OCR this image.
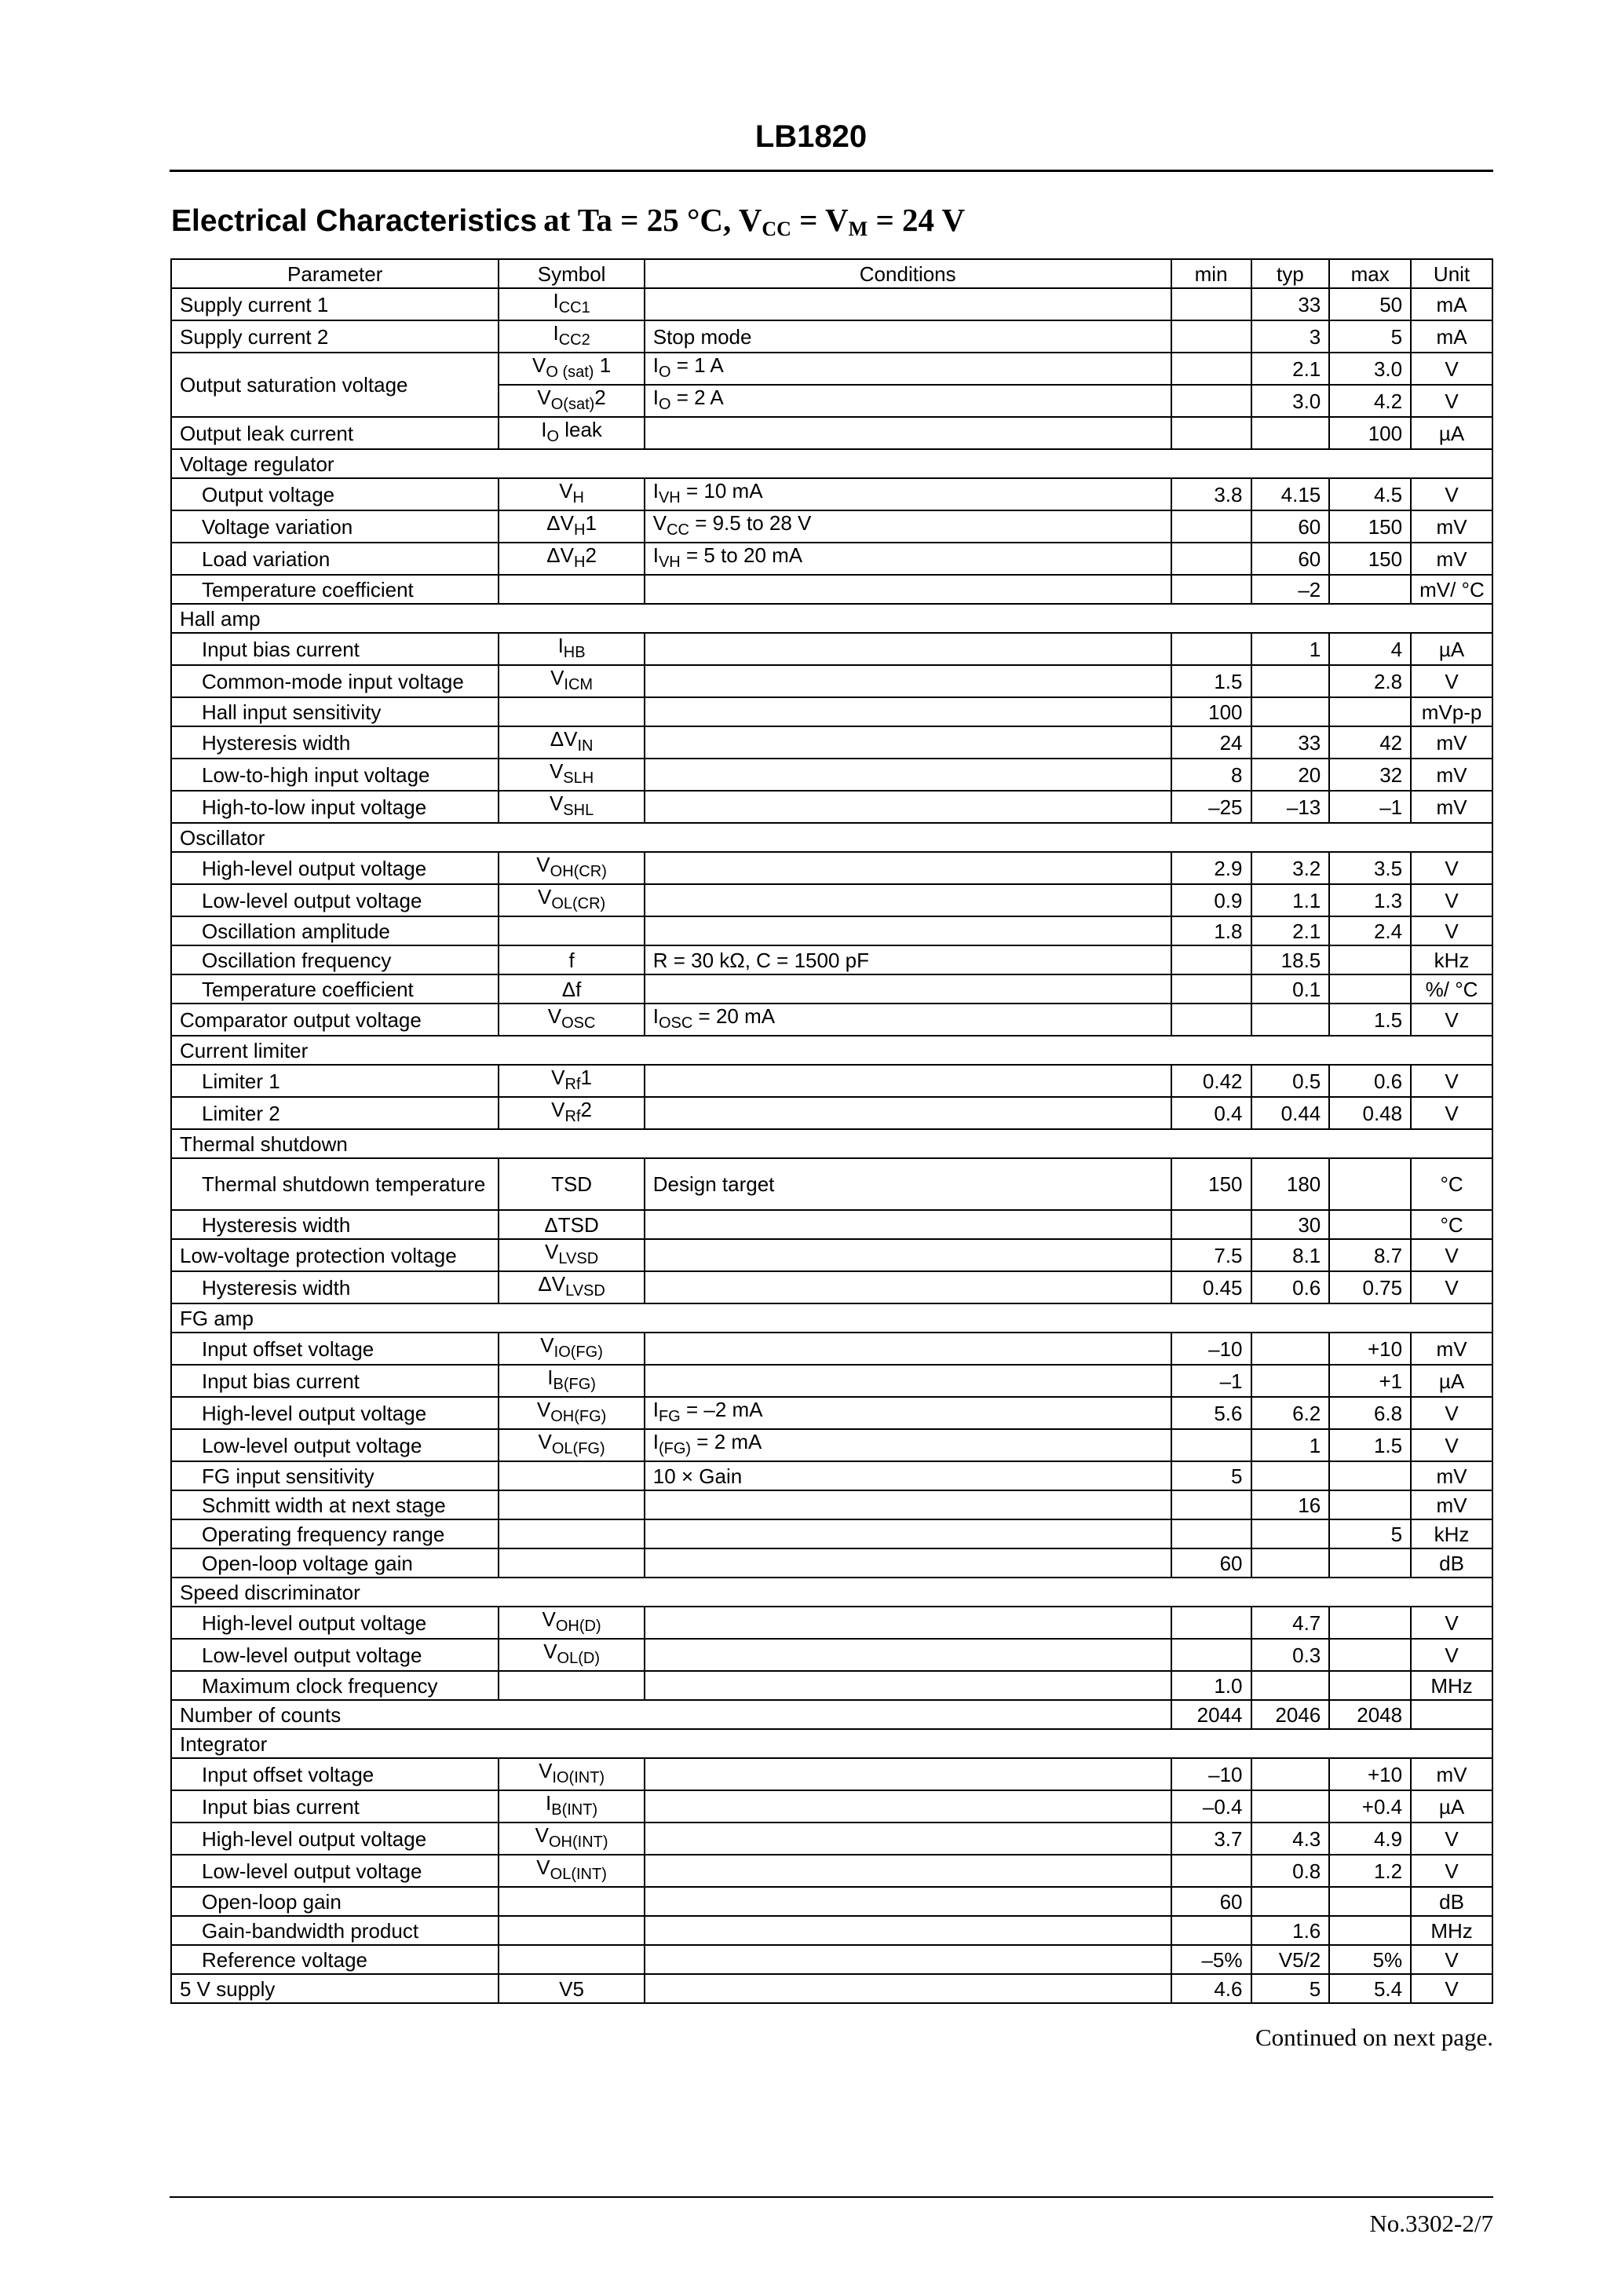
LB1820
Electrical Characteristics at Ta = 25 °C, $V_{CC} = V_M = 24$ V
Parameter	Symbol	Conditions	min	typ	max	Unit
Supply current 1	$I_{CC1}$			33	50	mA
Supply current 2	$I_{CC2}$	Stop mode		3	5	mA
Output saturation voltage	$V_{O (sat)}$ 1	$I_O = 1$ A		2.1	3.0	V
	$V_{O(sat)}2$	$I_O = 2$ A		3.0	4.2	V
Output leak current	$I_O$ leak				100	µA
Voltage regulator						
Output voltage	$V_H$	$I_{VH} = 10$ mA	3.8	4.15	4.5	V
Voltage variation	$\Delta V_H1$	$V_{CC} = 9.5$ to 28 V		60	150	mV
Load variation	$\Delta V_H2$	$I_{VH} = 5$ to 20 mA		60	150	mV
Temperature coefficient				–2		mV/ °C
Hall amp						
Input bias current	$I_{HB}$			1	4	µA
Common-mode input voltage	$V_{ICM}$		1.5		2.8	V
Hall input sensitivity			100			mVp-p
Hysteresis width	$\Delta V_{IN}$		24	33	42	mV
Low-to-high input voltage	$V_{SLH}$		8	20	32	mV
High-to-low input voltage	$V_{SHL}$		–25	–13	–1	mV
Oscillator						
High-level output voltage	$V_{OH(CR)}$		2.9	3.2	3.5	V
Low-level output voltage	$V_{OL(CR)}$		0.9	1.1	1.3	V
Oscillation amplitude			1.8	2.1	2.4	V
Oscillation frequency	f	R = 30 kΩ, C = 1500 pF		18.5		kHz
Temperature coefficient	Δf			0.1		%/ °C
Comparator output voltage	$V_{OSC}$	$I_{OSC} = 20$ mA			1.5	V
Current limiter						
Limiter 1	$V_{Rf}1$		0.42	0.5	0.6	V
Limiter 2	$V_{Rf}2$		0.4	0.44	0.48	V
Thermal shutdown						
Thermal shutdown temperature	TSD	Design target	150	180		°C
Hysteresis width	ΔTSD			30		°C
Low-voltage protection voltage	$V_{LVSD}$		7.5	8.1	8.7	V
Hysteresis width	$\Delta V_{LVSD}$		0.45	0.6	0.75	V
FG amp						
Input offset voltage	$V_{IO(FG)}$		–10		+10	mV
Input bias current	$I_{B(FG)}$		–1		+1	µA
High-level output voltage	$V_{OH(FG)}$	$I_{FG} = -2$ mA	5.6	6.2	6.8	V
Low-level output voltage	$V_{OL(FG)}$	$I_{(FG)} = 2$ mA		1	1.5	V
FG input sensitivity		10 × Gain	5			mV
Schmitt width at next stage				16		mV
Operating frequency range					5	kHz
Open-loop voltage gain			60			dB
Speed discriminator						
High-level output voltage	$V_{OH(D)}$			4.7		V
Low-level output voltage	$V_{OL(D)}$			0.3		V
Maximum clock frequency			1.0			MHz
Number of counts			2044	2046	2048	
Integrator						
Input offset voltage	$V_{IO(INT)}$		–10		+10	mV
Input bias current	$I_{B(INT)}$		–0.4		+0.4	µA
High-level output voltage	$V_{OH(INT)}$		3.7	4.3	4.9	V
Low-level output voltage	$V_{OL(INT)}$			0.8	1.2	V
Open-loop gain			60			dB
Gain-bandwidth product				1.6		MHz
Reference voltage			–5%	V5/2	5%	V
5 V supply	V5		4.6	5	5.4	V
Continued on next page.
No.3302-2/7
